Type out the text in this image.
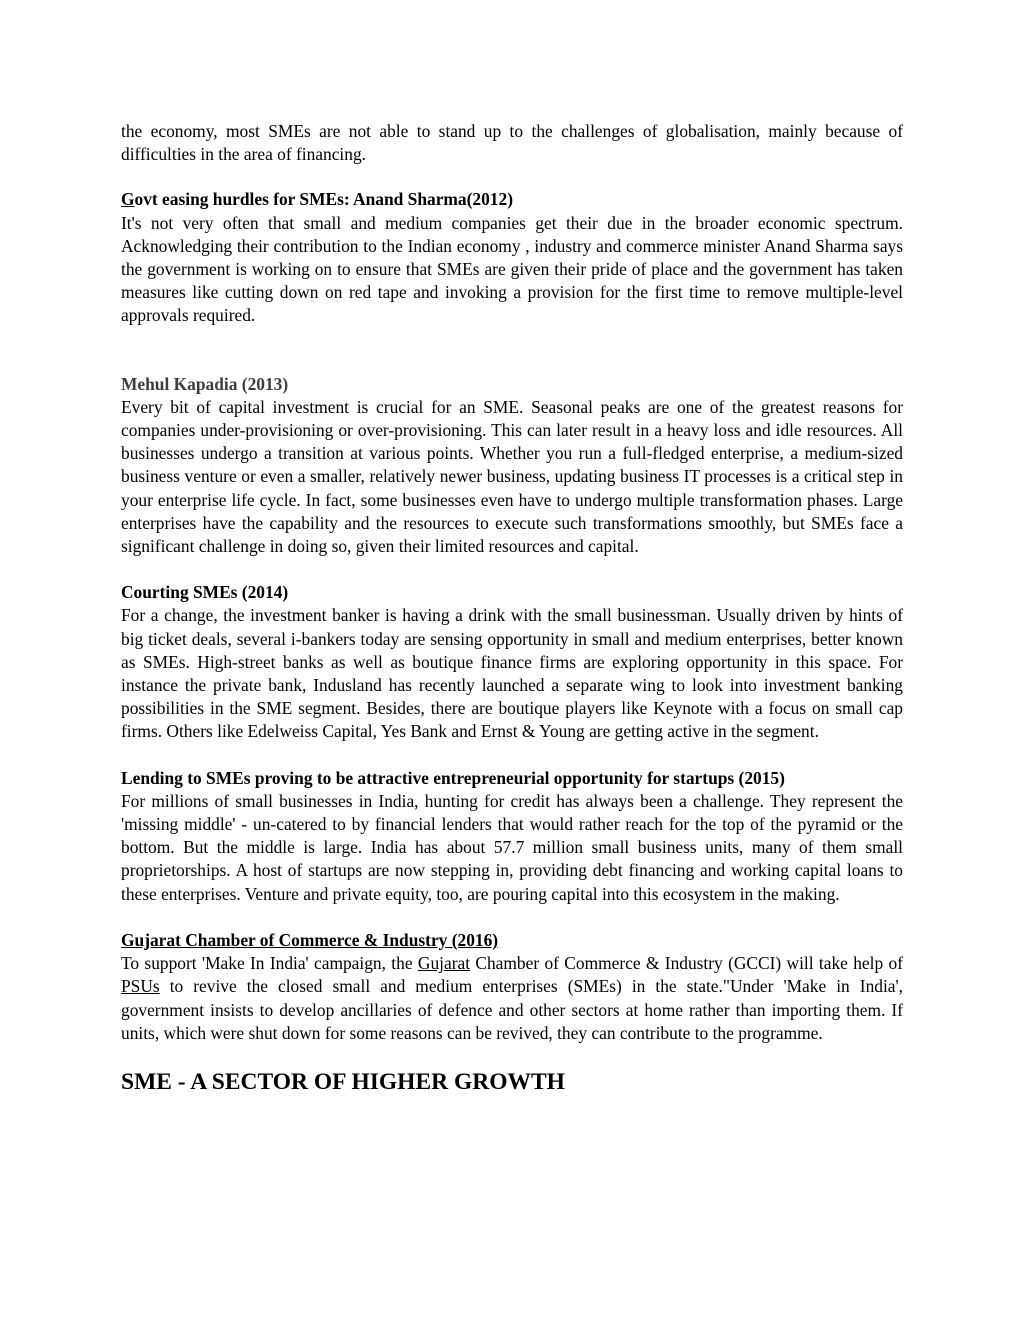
the economy, most SMEs are not able to stand up to the challenges of globalisation, mainly because of difficulties in the area of financing.

Govt easing hurdles for SMEs: Anand Sharma(2012)

It's not very often that small and medium companies get their due in the broader economic spectrum. Acknowledging their contribution to the Indian economy , industry and commerce minister Anand Sharma says the government is working on to ensure that SMEs are given their pride of place and the government has taken measures like cutting down on red tape and invoking a provision for the first time to remove multiple-level approvals required.

Mehul Kapadia (2013)

Every bit of capital investment is crucial for an SME. Seasonal peaks are one of the greatest reasons for companies under-provisioning or over-provisioning. This can later result in a heavy loss and idle resources. All businesses undergo a transition at various points. Whether you run a full-fledged enterprise, a medium-sized business venture or even a smaller, relatively newer business, updating business IT processes is a critical step in your enterprise life cycle. In fact, some businesses even have to undergo multiple transformation phases. Large enterprises have the capability and the resources to execute such transformations smoothly, but SMEs face a significant challenge in doing so, given their limited resources and capital.

Courting SMEs (2014)

For a change, the investment banker is having a drink with the small businessman. Usually driven by hints of big ticket deals, several i-bankers today are sensing opportunity in small and medium enterprises, better known as SMEs. High-street banks as well as boutique finance firms are exploring opportunity in this space. For instance the private bank, Indusland has recently launched a separate wing to look into investment banking possibilities in the SME segment. Besides, there are boutique players like Keynote with a focus on small cap firms. Others like Edelweiss Capital, Yes Bank and Ernst & Young are getting active in the segment.

Lending to SMEs proving to be attractive entrepreneurial opportunity for startups (2015)

For millions of small businesses in India, hunting for credit has always been a challenge. They represent the 'missing middle' - un-catered to by financial lenders that would rather reach for the top of the pyramid or the bottom. But the middle is large. India has about 57.7 million small business units, many of them small proprietorships. A host of startups are now stepping in, providing debt financing and working capital loans to these enterprises. Venture and private equity, too, are pouring capital into this ecosystem in the making.

Gujarat Chamber of Commerce & Industry (2016)

To support 'Make In India' campaign, the Gujarat Chamber of Commerce & Industry (GCCI) will take help of PSUs to revive the closed small and medium enterprises (SMEs) in the state."Under 'Make in India', government insists to develop ancillaries of defence and other sectors at home rather than importing them. If units, which were shut down for some reasons can be revived, they can contribute to the programme.

SME - A SECTOR OF HIGHER GROWTH
